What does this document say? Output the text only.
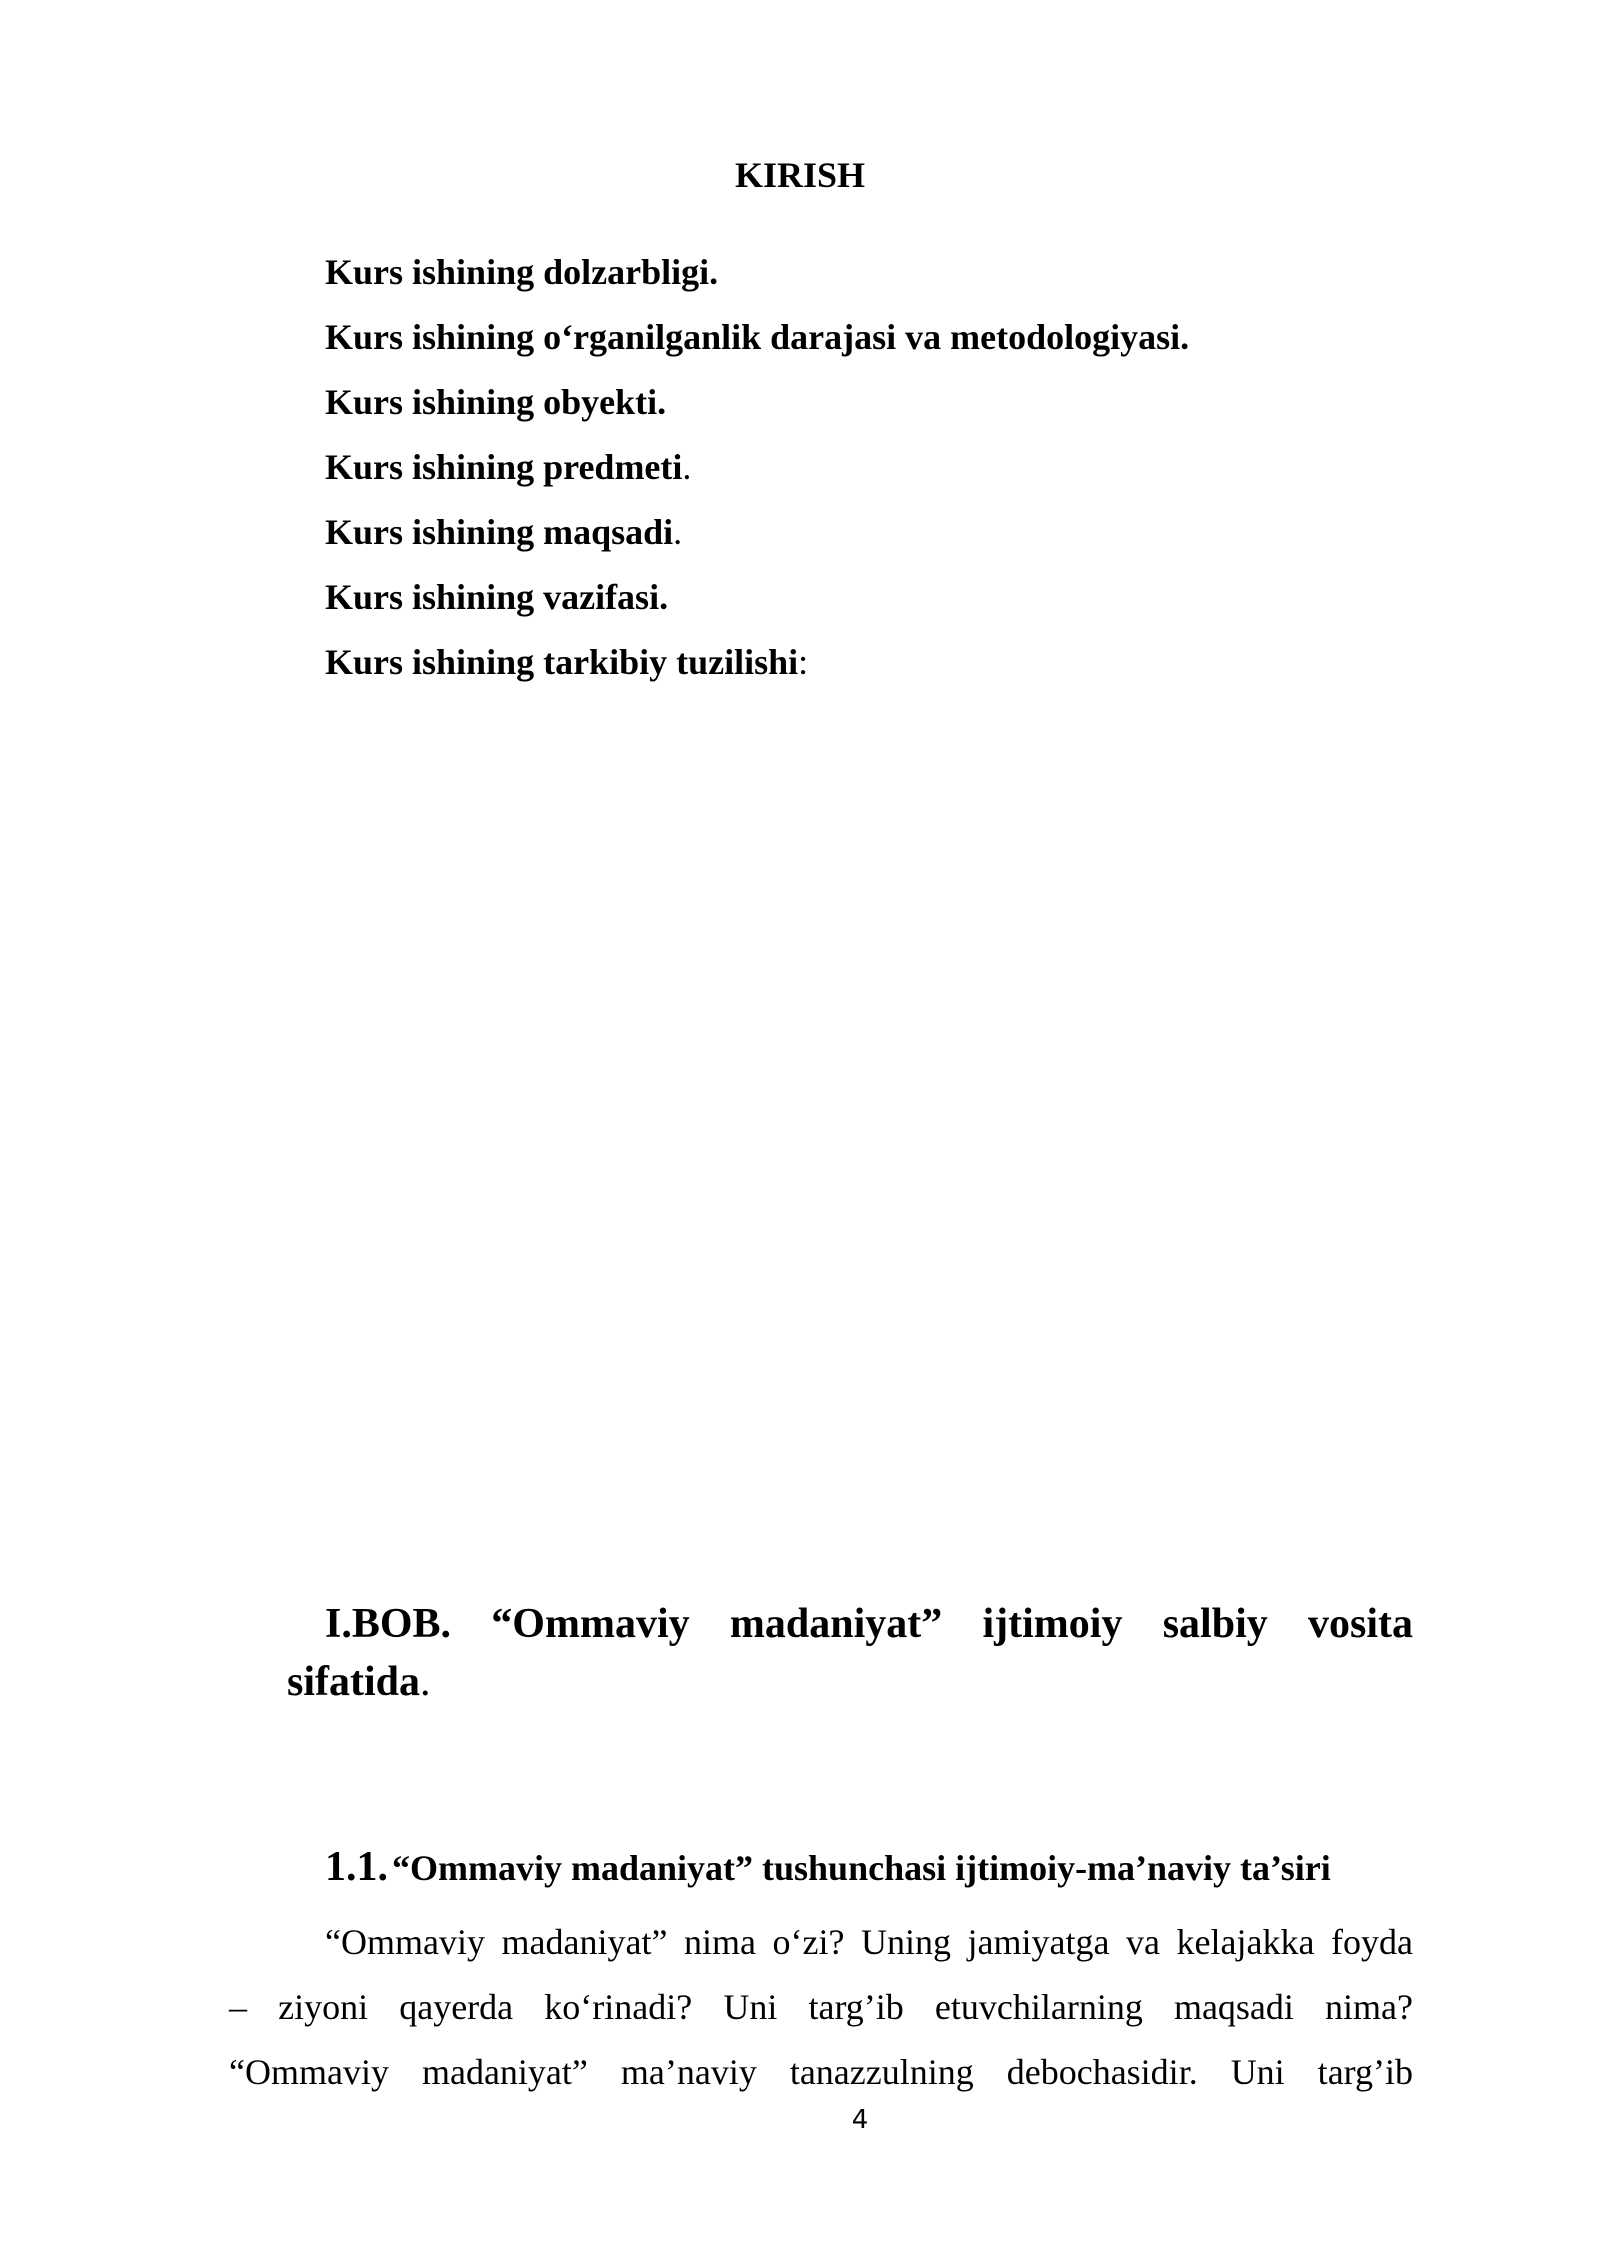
KIRISH
Kurs ishining dolzarbligi.
Kurs ishining o‘rganilganlik darajasi va metodologiyasi.
Kurs ishining obyekti.
Kurs ishining predmeti.
Kurs ishining maqsadi.
Kurs ishining vazifasi.
Kurs ishining tarkibiy tuzilishi:
I.BOB. “Ommaviy madaniyat” ijtimoiy salbiy vosita
sifatida.
1.1. “Ommaviy madaniyat” tushunchasi ijtimoiy-ma’naviy ta’siri
“Ommaviy madaniyat” nima o‘zi? Uning jamiyatga va kelajakka foyda
– ziyoni qayerda ko‘rinadi? Uni targ’ib etuvchilarning maqsadi nima?
“Ommaviy madaniyat” ma’naviy tanazzulning debochasidir. Uni targ’ib
4
